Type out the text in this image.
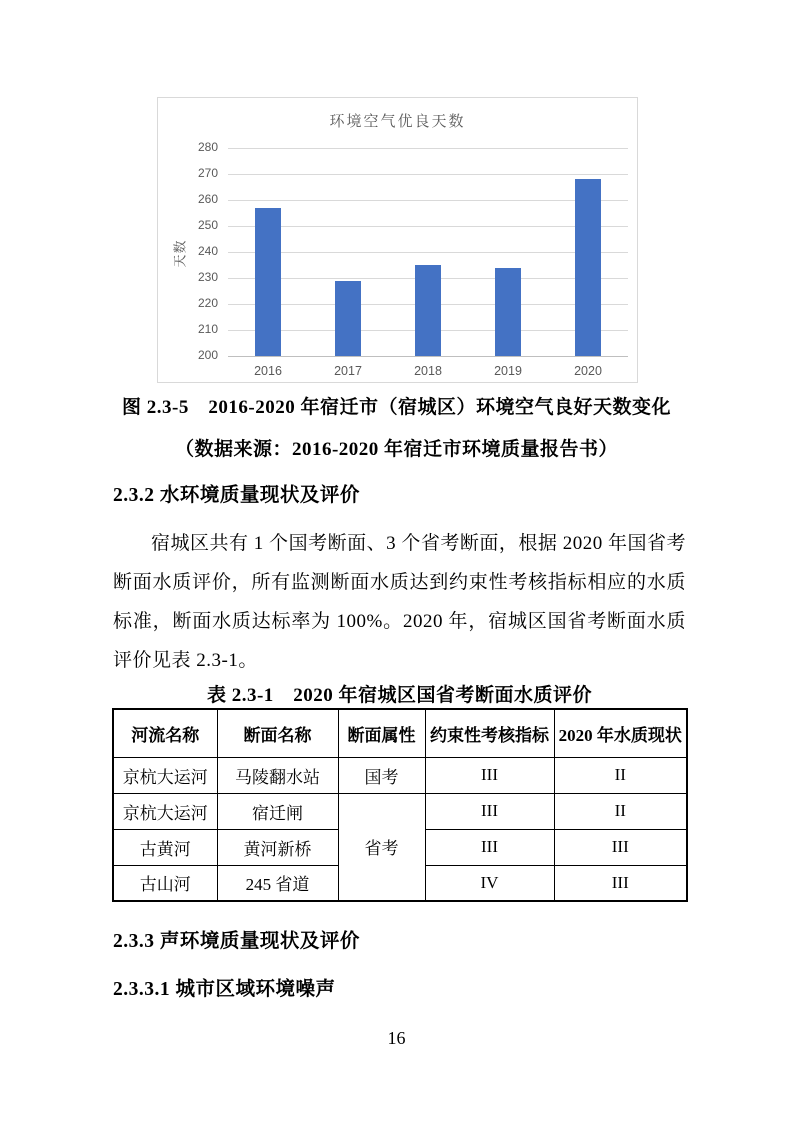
环境空气优良天数
天数
200
210
220
230
240
250
260
270
280
2016	2017	2018	2019	2020
图 2.3-5　2016-2020 年宿迁市（宿城区）环境空气良好天数变化
（数据来源：2016-2020 年宿迁市环境质量报告书）
2.3.2 水环境质量现状及评价
宿城区共有 1 个国考断面、3 个省考断面，根据 2020 年国省考断面水质评价，所有监测断面水质达到约束性考核指标相应的水质标准，断面水质达标率为 100%。2020 年，宿城区国省考断面水质评价见表 2.3-1。
表 2.3-1　2020 年宿城区国省考断面水质评价
河流名称	断面名称	断面属性	约束性考核指标	2020 年水质现状
京杭大运河	马陵翻水站	国考	III	II
京杭大运河	宿迁闸	省考	III	II
古黄河	黄河新桥		III	III
古山河	245 省道		IV	III
2.3.3 声环境质量现状及评价
2.3.3.1 城市区域环境噪声
16
